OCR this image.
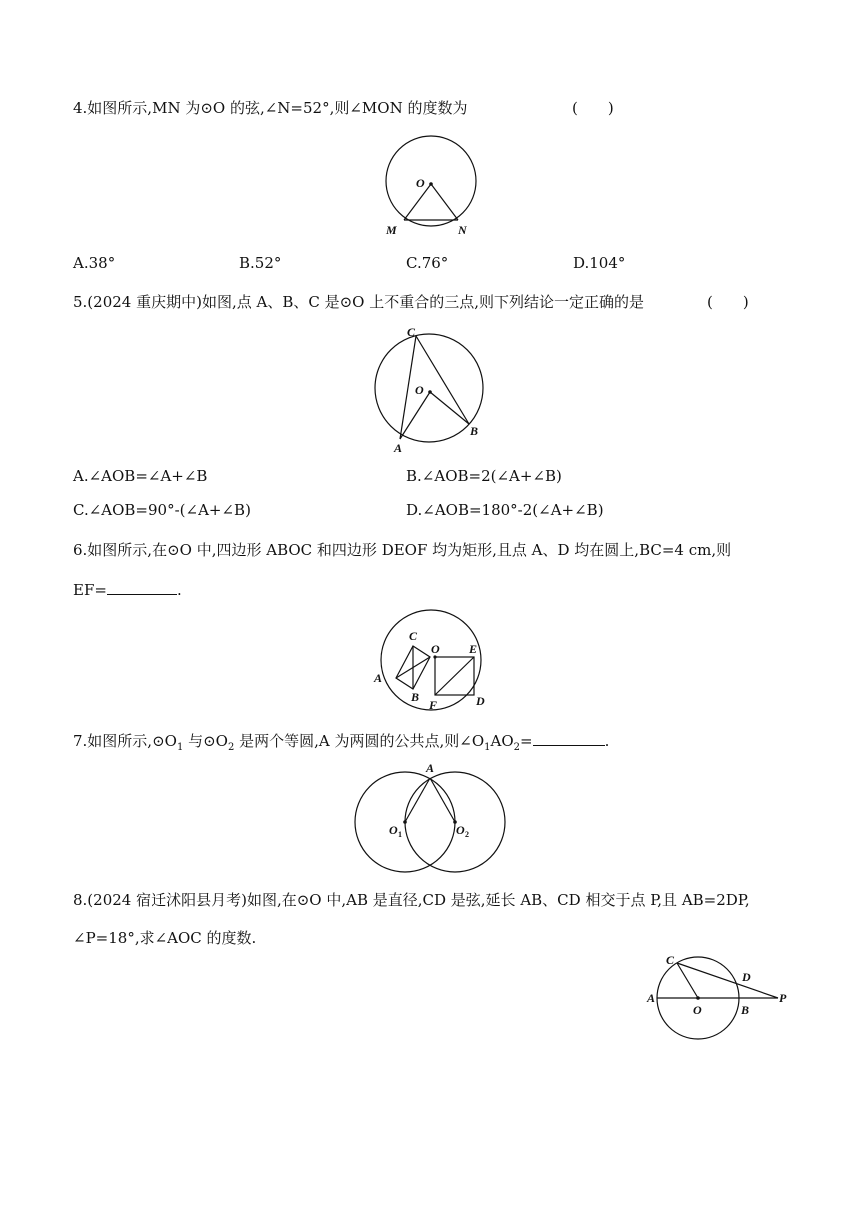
4.如图所示,MN 为⊙O 的弦,∠N=52°,则∠MON 的度数为	(　　)
O
M	N
A.38°	B.52°	C.76°	D.104°
5.(2024 重庆期中)如图,点 A、B、C 是⊙O 上不重合的三点,则下列结论一定正确的是	(　　)
C
O
A
B
A.∠AOB=∠A+∠B	B.∠AOB=2(∠A+∠B)
C.∠AOB=90°-(∠A+∠B)	D.∠AOB=180°-2(∠A+∠B)
6.如图所示,在⊙O 中,四边形 ABOC 和四边形 DEOF 均为矩形,且点 A、D 均在圆上,BC=4 cm,则
EF=	.
C
O E
A
B
F	D
7.如图所示$,⊙O_1$ 与$⊙O_2$ 是两个等圆,A 为两圆的公共点,则$\angle O_1AO_2=$	.
A
O 1	O 2
8.(2024 宿迁沭阳县月考)如图,在⊙O 中,AB 是直径,CD 是弦,延长 AB、CD 相交于点 P,且 AB=2DP,
∠P=18°,求∠AOC 的度数.
C
D
A
O	B
P
